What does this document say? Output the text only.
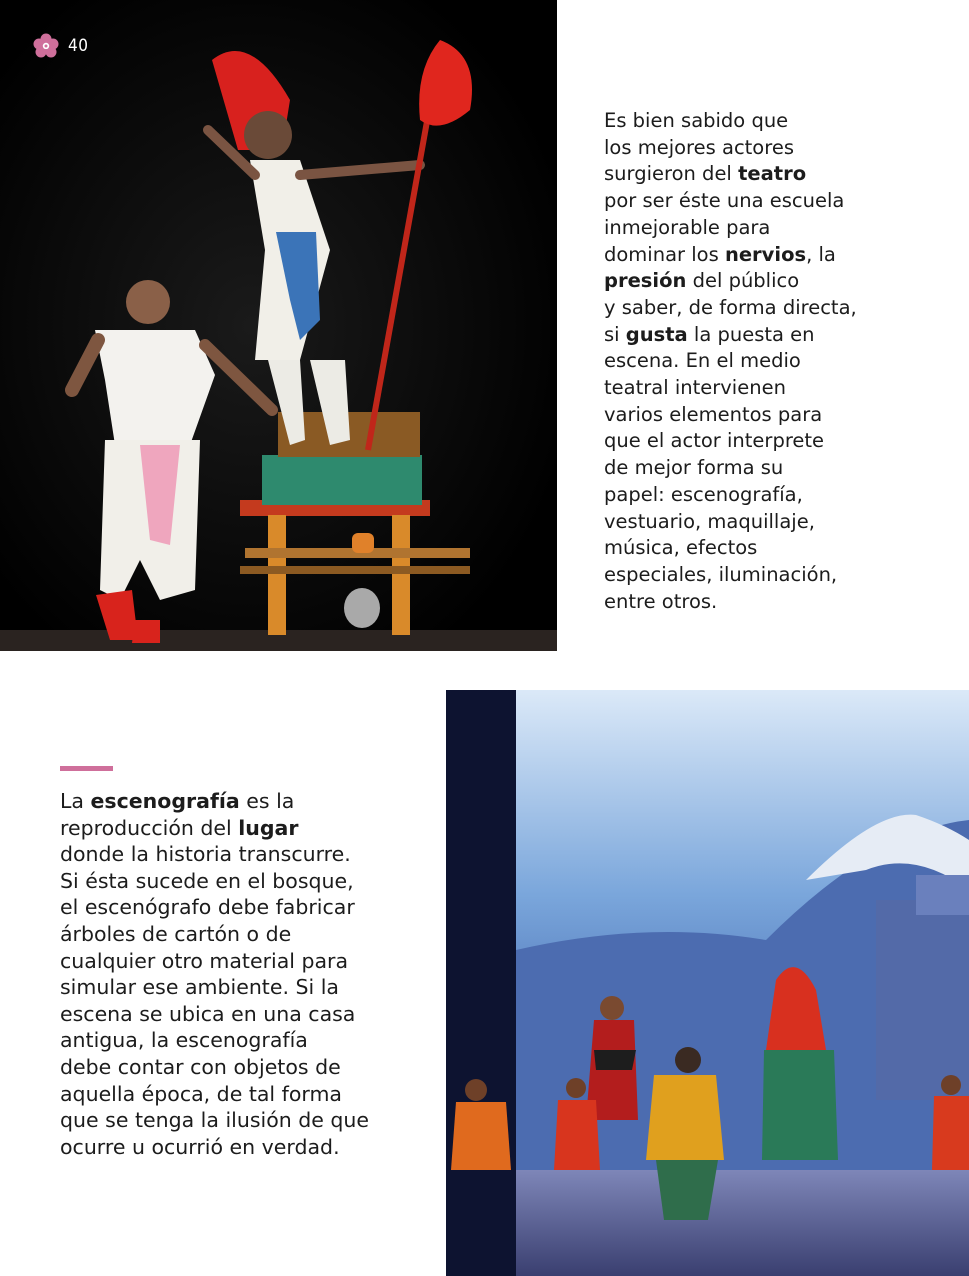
40
Es bien sabido que
los mejores actores
surgieron del teatro
por ser éste una escuela
inmejorable para
dominar los nervios, la
presión del público
y saber, de forma directa,
si gusta la puesta en
escena. En el medio
teatral intervienen
varios elementos para
que el actor interprete
de mejor forma su
papel: escenografía,
vestuario, maquillaje,
música, efectos
especiales, iluminación,
entre otros.
La escenografía es la
reproducción del lugar
donde la historia transcurre.
Si ésta sucede en el bosque,
el escenógrafo debe fabricar
árboles de cartón o de
cualquier otro material para
simular ese ambiente. Si la
escena se ubica en una casa
antigua, la escenografía
debe contar con objetos de
aquella época, de tal forma
que se tenga la ilusión de que
ocurre u ocurrió en verdad.
